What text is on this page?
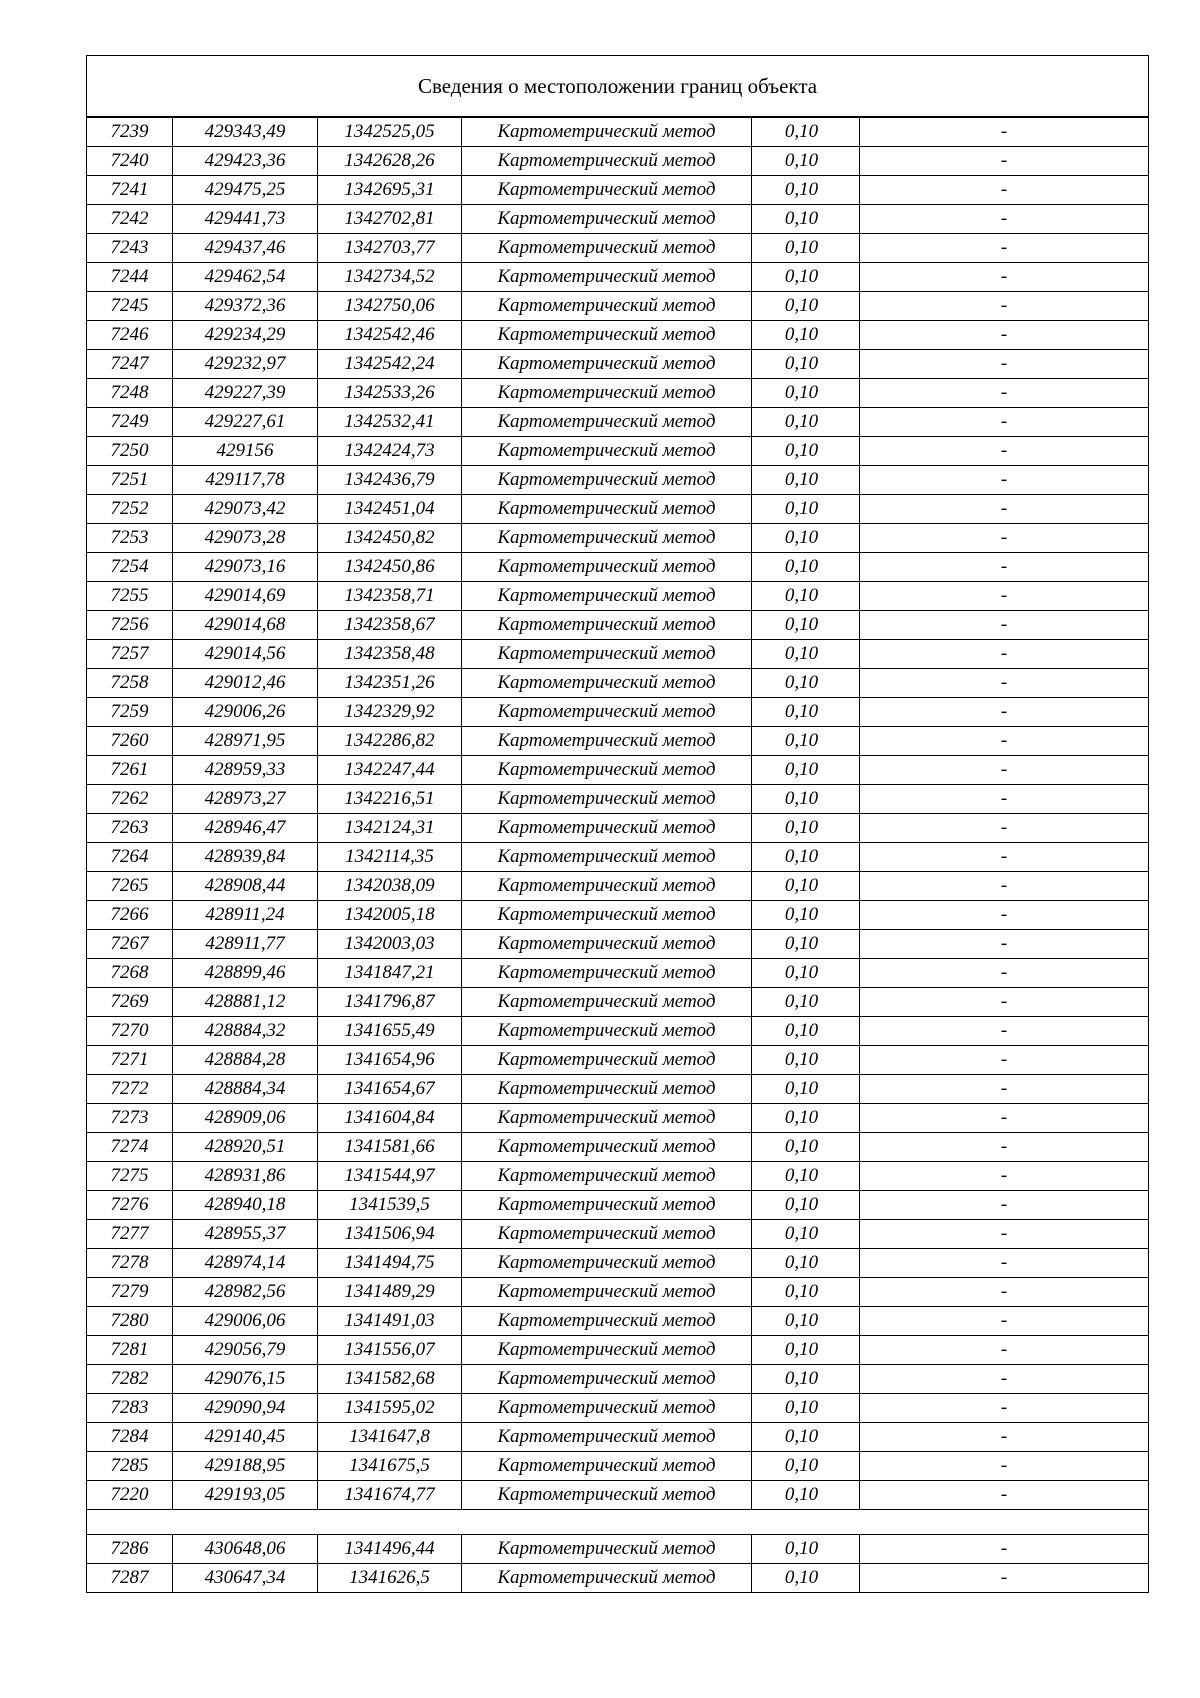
Сведения о местоположении границ объекта					
7239	429343,49	1342525,05	Картометрический метод	0,10	-
7240	429423,36	1342628,26	Картометрический метод	0,10	-
7241	429475,25	1342695,31	Картометрический метод	0,10	-
7242	429441,73	1342702,81	Картометрический метод	0,10	-
7243	429437,46	1342703,77	Картометрический метод	0,10	-
7244	429462,54	1342734,52	Картометрический метод	0,10	-
7245	429372,36	1342750,06	Картометрический метод	0,10	-
7246	429234,29	1342542,46	Картометрический метод	0,10	-
7247	429232,97	1342542,24	Картометрический метод	0,10	-
7248	429227,39	1342533,26	Картометрический метод	0,10	-
7249	429227,61	1342532,41	Картометрический метод	0,10	-
7250	429156	1342424,73	Картометрический метод	0,10	-
7251	429117,78	1342436,79	Картометрический метод	0,10	-
7252	429073,42	1342451,04	Картометрический метод	0,10	-
7253	429073,28	1342450,82	Картометрический метод	0,10	-
7254	429073,16	1342450,86	Картометрический метод	0,10	-
7255	429014,69	1342358,71	Картометрический метод	0,10	-
7256	429014,68	1342358,67	Картометрический метод	0,10	-
7257	429014,56	1342358,48	Картометрический метод	0,10	-
7258	429012,46	1342351,26	Картометрический метод	0,10	-
7259	429006,26	1342329,92	Картометрический метод	0,10	-
7260	428971,95	1342286,82	Картометрический метод	0,10	-
7261	428959,33	1342247,44	Картометрический метод	0,10	-
7262	428973,27	1342216,51	Картометрический метод	0,10	-
7263	428946,47	1342124,31	Картометрический метод	0,10	-
7264	428939,84	1342114,35	Картометрический метод	0,10	-
7265	428908,44	1342038,09	Картометрический метод	0,10	-
7266	428911,24	1342005,18	Картометрический метод	0,10	-
7267	428911,77	1342003,03	Картометрический метод	0,10	-
7268	428899,46	1341847,21	Картометрический метод	0,10	-
7269	428881,12	1341796,87	Картометрический метод	0,10	-
7270	428884,32	1341655,49	Картометрический метод	0,10	-
7271	428884,28	1341654,96	Картометрический метод	0,10	-
7272	428884,34	1341654,67	Картометрический метод	0,10	-
7273	428909,06	1341604,84	Картометрический метод	0,10	-
7274	428920,51	1341581,66	Картометрический метод	0,10	-
7275	428931,86	1341544,97	Картометрический метод	0,10	-
7276	428940,18	1341539,5	Картометрический метод	0,10	-
7277	428955,37	1341506,94	Картометрический метод	0,10	-
7278	428974,14	1341494,75	Картометрический метод	0,10	-
7279	428982,56	1341489,29	Картометрический метод	0,10	-
7280	429006,06	1341491,03	Картометрический метод	0,10	-
7281	429056,79	1341556,07	Картометрический метод	0,10	-
7282	429076,15	1341582,68	Картометрический метод	0,10	-
7283	429090,94	1341595,02	Картометрический метод	0,10	-
7284	429140,45	1341647,8	Картометрический метод	0,10	-
7285	429188,95	1341675,5	Картометрический метод	0,10	-
7220	429193,05	1341674,77	Картометрический метод	0,10	-

7286	430648,06	1341496,44	Картометрический метод	0,10	-
7287	430647,34	1341626,5	Картометрический метод	0,10	-
